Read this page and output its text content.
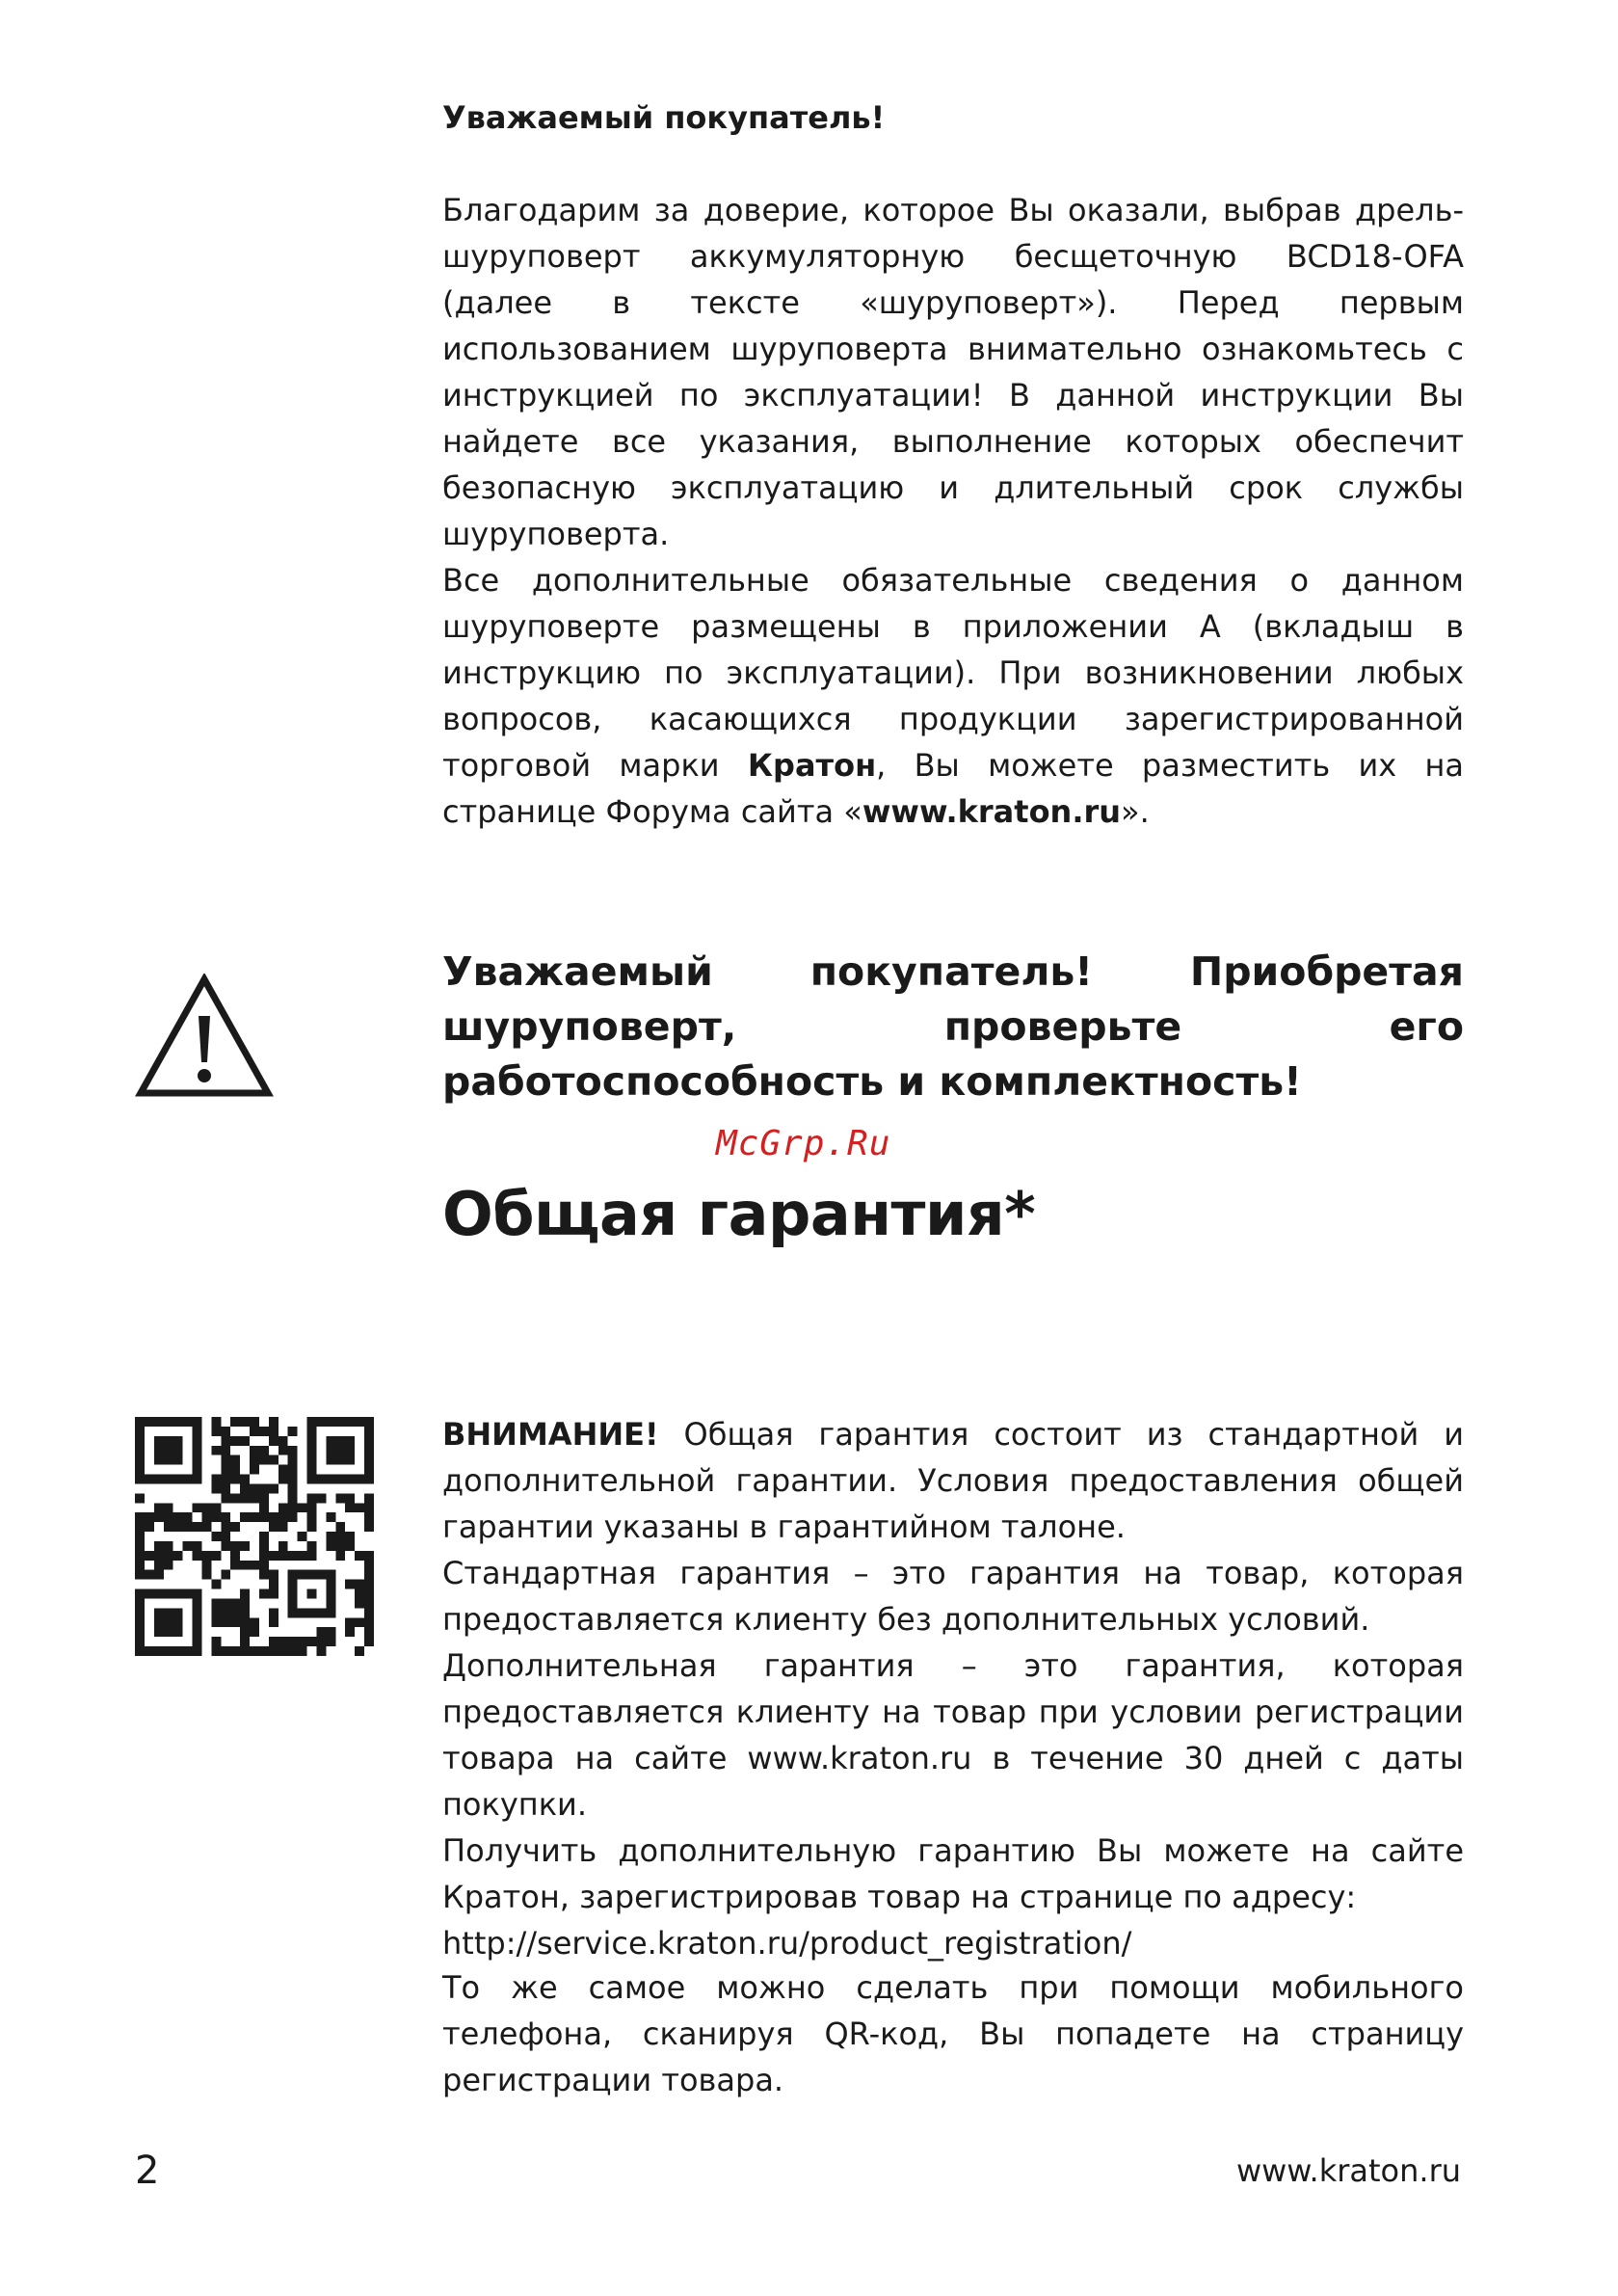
Уважаемый покупатель!

Благодарим за доверие, которое Вы оказали, выбрав дрель-шуруповерт аккумуляторную бесщеточную BCD18-OFA (далее в тексте «шуруповерт»). Перед первым использованием шуруповерта внимательно ознакомьтесь с инструкцией по эксплуатации! В данной инструкции Вы найдете все указания, выполнение которых обеспечит безопасную эксплуатацию и длительный срок службы шуруповерта.

Все дополнительные обязательные сведения о данном шуруповерте размещены в приложении А (вкладыш в инструкцию по эксплуатации). При возникновении любых вопросов, касающихся продукции зарегистрированной торговой марки Кратон, Вы можете разместить их на странице Форума сайта «www.kraton.ru».

Уважаемый покупатель! Приобретая шуруповерт, проверьте его работоспособность и комплектность!

McGrp.Ru
Общая гарантия*

ВНИМАНИЕ! Общая гарантия состоит из стандартной и дополнительной гарантии. Условия предоставления общей гарантии указаны в гарантийном талоне.

Стандартная гарантия – это гарантия на товар, которая предоставляется клиенту без дополнительных условий.

Дополнительная гарантия – это гарантия, которая предоставляется клиенту на товар при условии регистрации товара на сайте www.kraton.ru в течение 30 дней с даты покупки.

Получить дополнительную гарантию Вы можете на сайте Кратон, зарегистрировав товар на странице по адресу:

http://service.kraton.ru/product_registration/

То же самое можно сделать при помощи мобильного телефона, сканируя QR-код, Вы попадете на страницу регистрации товара.

2	www.kraton.ru
